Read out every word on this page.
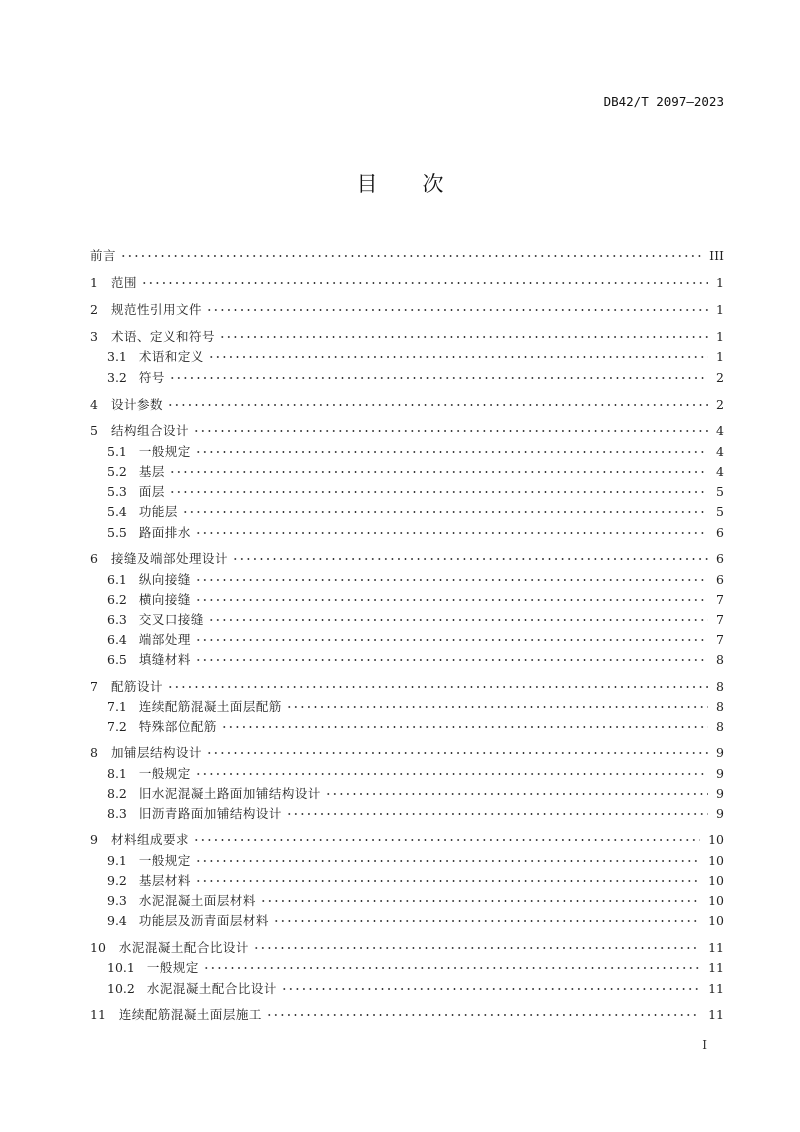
DB42/T 2097—2023
目 次
前言	III
1	范围	1
2	规范性引用文件	1
3	术语、定义和符号	1
3.1 术语和定义	1
3.2 符号	2
4	设计参数	2
5	结构组合设计	4
5.1 一般规定	4
5.2 基层	4
5.3 面层	5
5.4 功能层	5
5.5 路面排水	6
6	接缝及端部处理设计	6
6.1 纵向接缝	6
6.2 横向接缝	7
6.3 交叉口接缝	7
6.4 端部处理	7
6.5 填缝材料	8
7	配筋设计	8
7.1 连续配筋混凝土面层配筋	8
7.2 特殊部位配筋	8
8	加铺层结构设计	9
8.1 一般规定	9
8.2 旧水泥混凝土路面加铺结构设计	9
8.3 旧沥青路面加铺结构设计	9
9	材料组成要求	10
9.1 一般规定	10
9.2 基层材料	10
9.3 水泥混凝土面层材料	10
9.4 功能层及沥青面层材料	10
10	水泥混凝土配合比设计	11
10.1 一般规定	11
10.2 水泥混凝土配合比设计	11
11	连续配筋混凝土面层施工	11
I
